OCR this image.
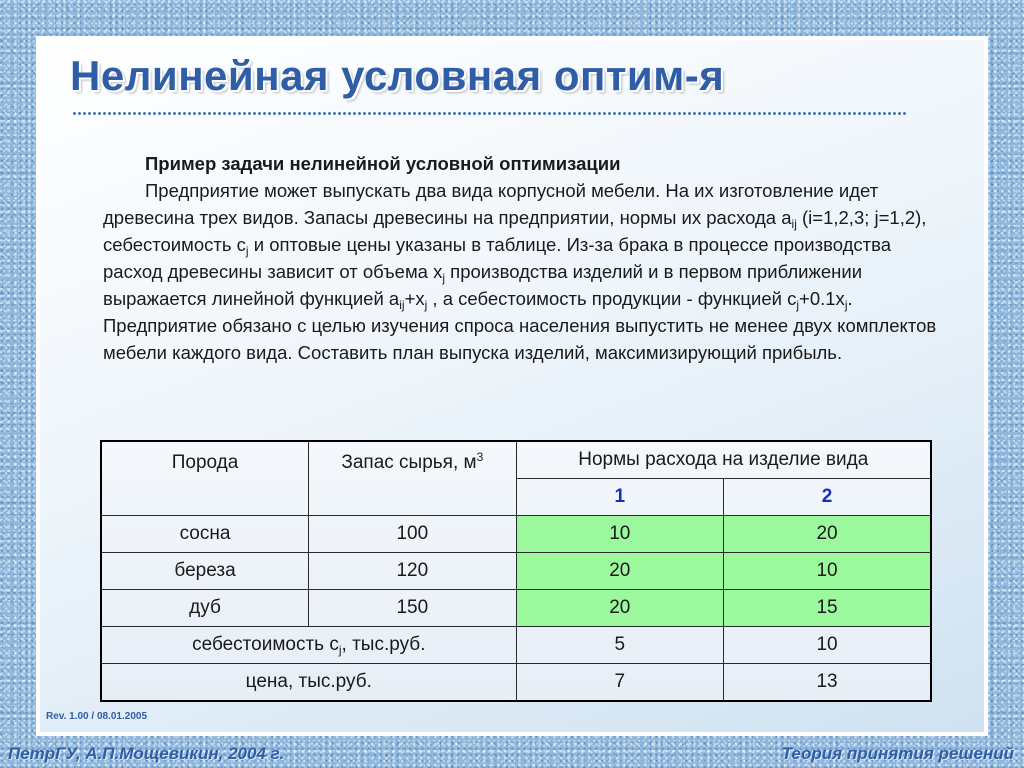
Нелинейная условная оптим-я

Пример задачи нелинейной условной оптимизации

Предприятие может выпускать два вида корпусной мебели. На их изготовление идет древесина трех видов. Запасы древесины на предприятии, нормы их расхода $a_{ij}$ (i=1,2,3; j=1,2), себестоимость $c_j$ и оптовые цены указаны в таблице. Из-за брака в процессе производства расход древесины зависит от объема $x_j$ производства изделий и в первом приближении выражается линейной функцией $a_{ij}+x_j$ , а себестоимость продукции - функцией $c_j+0.1x_j$. Предприятие обязано с целью изучения спроса населения выпустить не менее двух комплектов мебели каждого вида. Составить план выпуска изделий, максимизирующий прибыль.

Порода	Запас сырья, $м^3$	Нормы расхода на изделие вида	
		1	2
сосна	100	10	20
береза	120	20	10
дуб	150	20	15
себестоимость $c_j$, тыс.руб.		5	10
цена, тыс.руб.		7	13
Rev. 1.00 / 08.01.2005
ПетрГУ, А.П.Мощевикин, 2004 г.	Теория принятия решений
